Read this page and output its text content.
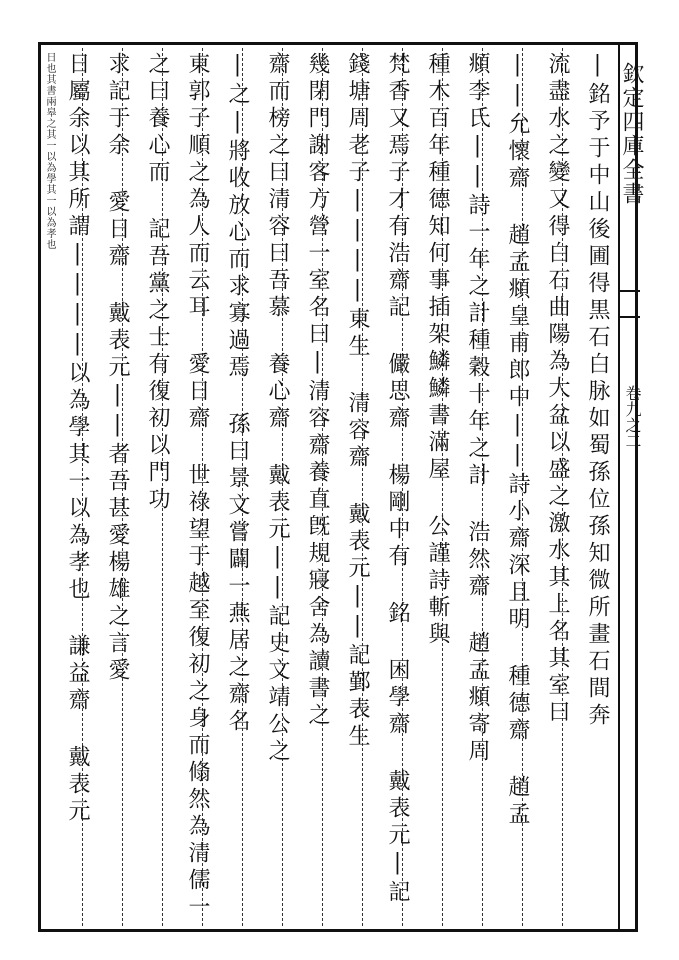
欽定四庫全書
卷九之二
|銘予于中山後圃得黒石白脉如蜀孫位孫知微所畫石間奔
流盡水之變又得白石曲陽為大盆以盛之激水其上名其室曰
||允懷齋 趙孟頫皇甫郎中||詩小齋深且明 種德齋 趙孟
頫李氏||詩一年之計種穀十年之計 浩然齋 趙孟頫寄周
種木百年種德知何事插架鱗鱗書滿屋 公謹詩斬與
梵香又焉子才有浩齋記 儼思齋 楊剛中有 銘 困學齋 戴表元|記
錢塘周老子||||東生 清容齋 戴表元||記鄞表生
幾閉門謝客方營一室名曰|清容齋養直旣規寢舍為讀書之
齋而榜之曰清容曰吾慕 養心齋 戴表元||記史文靖公之
|之|將收放心而求寡過焉 孫曰景文嘗闢一燕居之齋名
東郭子順之為人而云耳 愛日齋 世祿望于越至復初之身而翛然為清儒一
之曰養心而 記吾黨之士有復初以門功
求記于余 愛日齋 戴表元||者吾甚愛楊雄之言愛
日屬余以其所謂||||以為學其一以為孝也 謙益齋 戴表元
日也其書兩皋之其一以為學其一以為孝也
